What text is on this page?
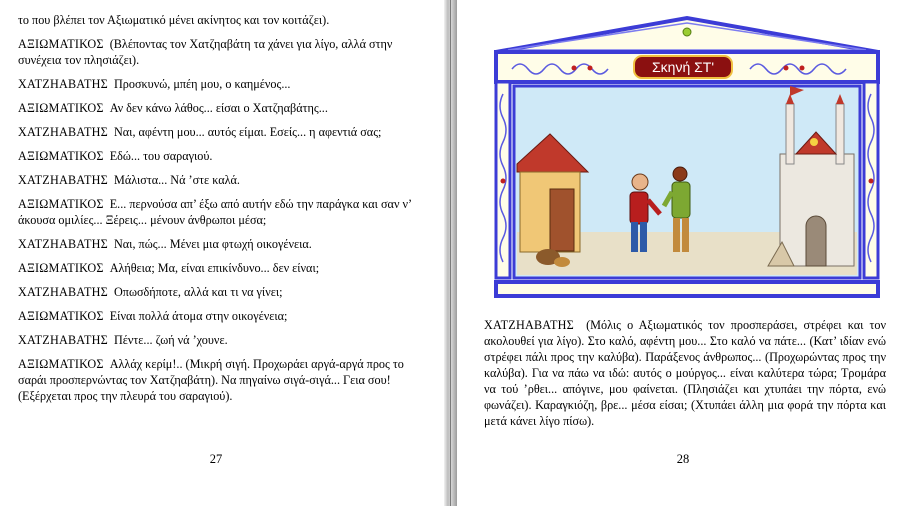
το που βλέπει τον Αξιωματικό μένει ακίνητος και τον κοιτάζει).

ΑΞΙΩΜΑΤΙΚΟΣ (Βλέποντας τον Χατζηαβάτη τα χάνει για λίγο, αλλά στην συνέχεια τον πλησιάζει).

ΧΑΤΖΗΑΒΑΤΗΣ Προσκυνώ, μπέη μου, ο καημένος...

ΑΞΙΩΜΑΤΙΚΟΣ Αν δεν κάνω λάθος... είσαι ο Χατζηαβάτης...

ΧΑΤΖΗΑΒΑΤΗΣ Ναι, αφέντη μου... αυτός είμαι. Εσείς... η αφεντιά σας;

ΑΞΙΩΜΑΤΙΚΟΣ Εδώ... του σαραγιού.

ΧΑΤΖΗΑΒΑΤΗΣ Μάλιστα... Νά ’στε καλά.

ΑΞΙΩΜΑΤΙΚΟΣ Ε... περνούσα απ’ έξω από αυτήν εδώ την παράγκα και σαν ν’ άκουσα ομιλίες... Ξέρεις... μένουν άνθρωποι μέσα;

ΧΑΤΖΗΑΒΑΤΗΣ Ναι, πώς... Μένει μια φτωχή οικογένεια.

ΑΞΙΩΜΑΤΙΚΟΣ Αλήθεια; Μα, είναι επικίνδυνο... δεν είναι;

ΧΑΤΖΗΑΒΑΤΗΣ Οπωσδήποτε, αλλά και τι να γίνει;

ΑΞΙΩΜΑΤΙΚΟΣ Είναι πολλά άτομα στην οικογένεια;

ΧΑΤΖΗΑΒΑΤΗΣ Πέντε... ζωή νά ’χουνε.

ΑΞΙΩΜΑΤΙΚΟΣ Αλλάχ κερίμ!.. (Μικρή σιγή. Προχωράει αργά-αργά προς το σαράι προσπερνώντας τον Χατζηαβάτη). Να πηγαίνω σιγά-σιγά... Γεια σου! (Εξέρχεται προς την πλευρά του σαραγιού).

27
Σκηνή ΣΤ'
ΧΑΤΖΗΑΒΑΤΗΣ (Μόλις ο Αξιωματικός τον προσπεράσει, στρέφει και τον ακολουθεί για λίγο). Στο καλό, αφέντη μου... Στο καλό να πάτε... (Κατ’ ιδίαν ενώ στρέφει πάλι προς την καλύβα). Παράξενος άνθρωπος... (Προχωρώντας προς την καλύβα). Για να πάω να ιδώ: αυτός ο μούργος... είναι καλύτερα τώρα; Τρομάρα να τού ’ρθει... απόγινε, μου φαίνεται. (Πλησιάζει και χτυπάει την πόρτα, ενώ φωνάζει). Καραγκιόζη, βρε... μέσα είσαι; (Χτυπάει άλλη μια φορά την πόρτα και μετά κάνει λίγο πίσω).
28
